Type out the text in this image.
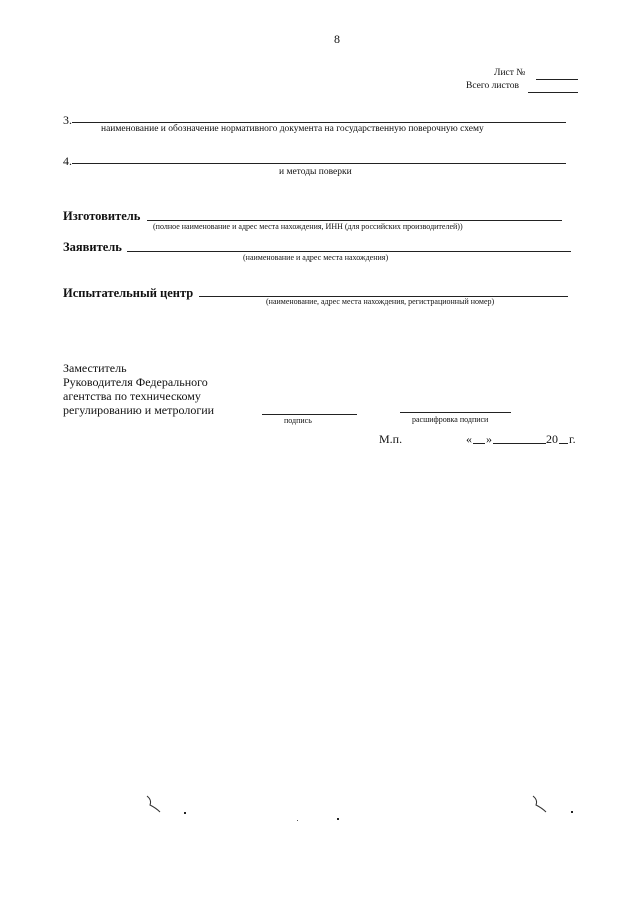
8
Лист №
Всего листов
3.
наименование и обозначение нормативного документа на государственную поверочную схему
4.
и методы поверки
Изготовитель
(полное наименование и адрес места нахождения, ИНН (для российских производителей))
Заявитель
(наименование и адрес места нахождения)
Испытательный центр
(наименование, адрес места нахождения, регистрационный номер)
Заместитель
Руководителя Федерального
агентства по техническому
регулированию и метрологии
подпись	расшифровка подписи
М.п.	« »	20 г.
